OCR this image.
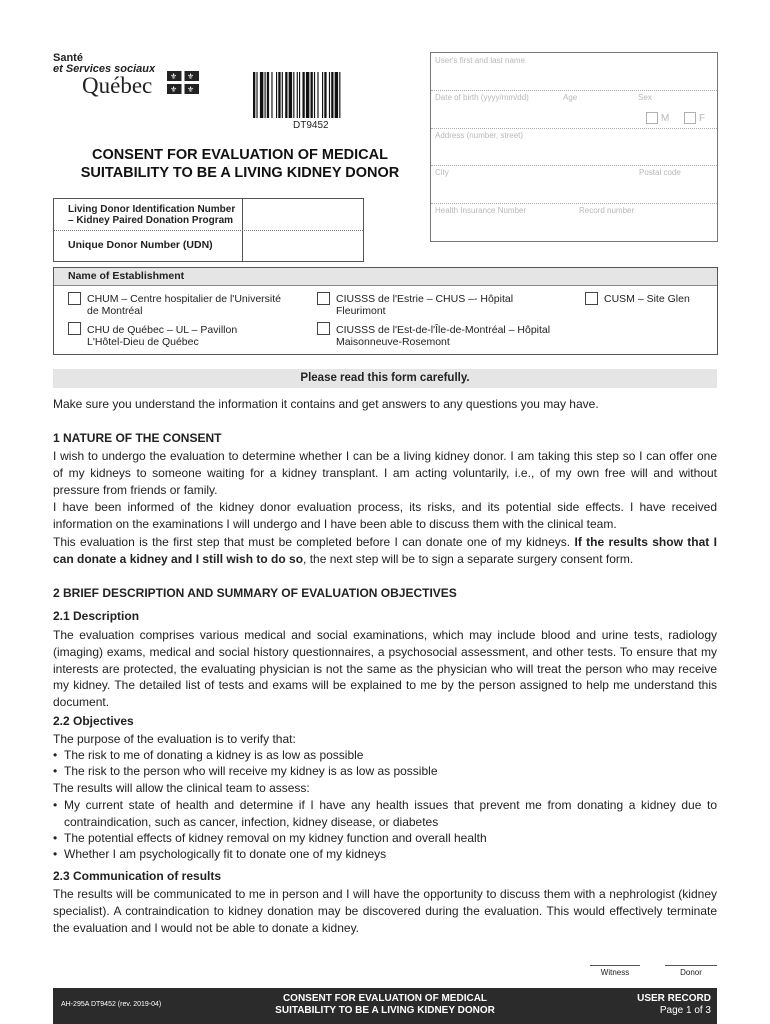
Santé
et Services sociaux
Québec ⚜ ⚜
⚜ ⚜
DT9452
CONSENT FOR EVALUATION OF MEDICAL
SUITABILITY TO BE A LIVING KIDNEY DONOR
User's first and last name
Date of birth (yyyy/mm/dd)	Age	Sex
M	F
Address (number, street)
City	Postal code
Health Insurance Number	Record number
Living Donor Identification Number
– Kidney Paired Donation Program
Unique Donor Number (UDN)
Name of Establishment
CHUM – Centre hospitalier de l'Université
de Montréal
CIUSSS de l'Estrie – CHUS –- Hôpital
Fleurimont
CUSM – Site Glen
CHU de Québec – UL – Pavillon
L'Hôtel-Dieu de Québec
CIUSSS de l'Est-de-l'Île-de-Montréal – Hôpital
Maisonneuve-Rosemont
Please read this form carefully.
Make sure you understand the information it contains and get answers to any questions you may have.
1 NATURE OF THE CONSENT
I wish to undergo the evaluation to determine whether I can be a living kidney donor. I am taking this step so I can offer one of my kidneys to someone waiting for a kidney transplant. I am acting voluntarily, i.e., of my own free will and without pressure from friends or family.
I have been informed of the kidney donor evaluation process, its risks, and its potential side effects. I have received information on the examinations I will undergo and I have been able to discuss them with the clinical team.
This evaluation is the first step that must be completed before I can donate one of my kidneys. If the results show that I can donate a kidney and I still wish to do so, the next step will be to sign a separate surgery consent form.
2 BRIEF DESCRIPTION AND SUMMARY OF EVALUATION OBJECTIVES
2.1 Description
The evaluation comprises various medical and social examinations, which may include blood and urine tests, radiology (imaging) exams, medical and social history questionnaires, a psychosocial assessment, and other tests. To ensure that my interests are protected, the evaluating physician is not the same as the physician who will treat the person who may receive my kidney. The detailed list of tests and exams will be explained to me by the person assigned to help me understand this document.
2.2 Objectives
The purpose of the evaluation is to verify that:
• The risk to me of donating a kidney is as low as possible
• The risk to the person who will receive my kidney is as low as possible
The results will allow the clinical team to assess:
• My current state of health and determine if I have any health issues that prevent me from donating a kidney due to contraindication, such as cancer, infection, kidney disease, or diabetes
• The potential effects of kidney removal on my kidney function and overall health
• Whether I am psychologically fit to donate one of my kidneys
2.3 Communication of results
The results will be communicated to me in person and I will have the opportunity to discuss them with a nephrologist (kidney specialist). A contraindication to kidney donation may be discovered during the evaluation. This would effectively terminate the evaluation and I would not be able to donate a kidney.
Witness	Donor
AH-295A DT9452 (rev. 2019-04)
CONSENT FOR EVALUATION OF MEDICAL
SUITABILITY TO BE A LIVING KIDNEY DONOR
USER RECORD
Page 1 of 3
